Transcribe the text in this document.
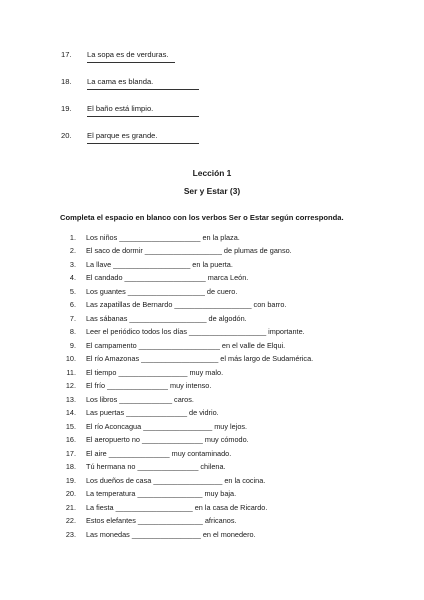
17.	La sopa es de verduras.
18.	La cama es blanda.
19.	El baño está limpio.
20.	El parque es grande.
Lección 1
Ser y Estar (3)
Completa el espacio en blanco con los verbos Ser o Estar según corresponda.
1. Los niños ____________________ en la plaza.
2. El saco de dormir ___________________ de plumas de ganso.
3. La llave ___________________ en la puerta.
4. El candado ____________________ marca León.
5. Los guantes ___________________ de cuero.
6. Las zapatillas de Bernardo ___________________ con barro.
7. Las sábanas ___________________ de algodón.
8. Leer el periódico todos los días ___________________ importante.
9. El campamento ____________________ en el valle de Elqui.
10. El río Amazonas ___________________ el más largo de Sudamérica.
11. El tiempo _________________ muy malo.
12. El frío _______________ muy intenso.
13. Los libros _____________ caros.
14. Las puertas _______________ de vidrio.
15. El río Aconcagua _________________ muy lejos.
16. El aeropuerto no _______________ muy cómodo.
17. El aire _______________ muy contaminado.
18. Tú hermana no _______________ chilena.
19. Los dueños de casa _________________ en la cocina.
20. La temperatura ________________ muy baja.
21. La fiesta ___________________ en la casa de Ricardo.
22. Estos elefantes ________________ africanos.
23. Las monedas _________________ en el monedero.
